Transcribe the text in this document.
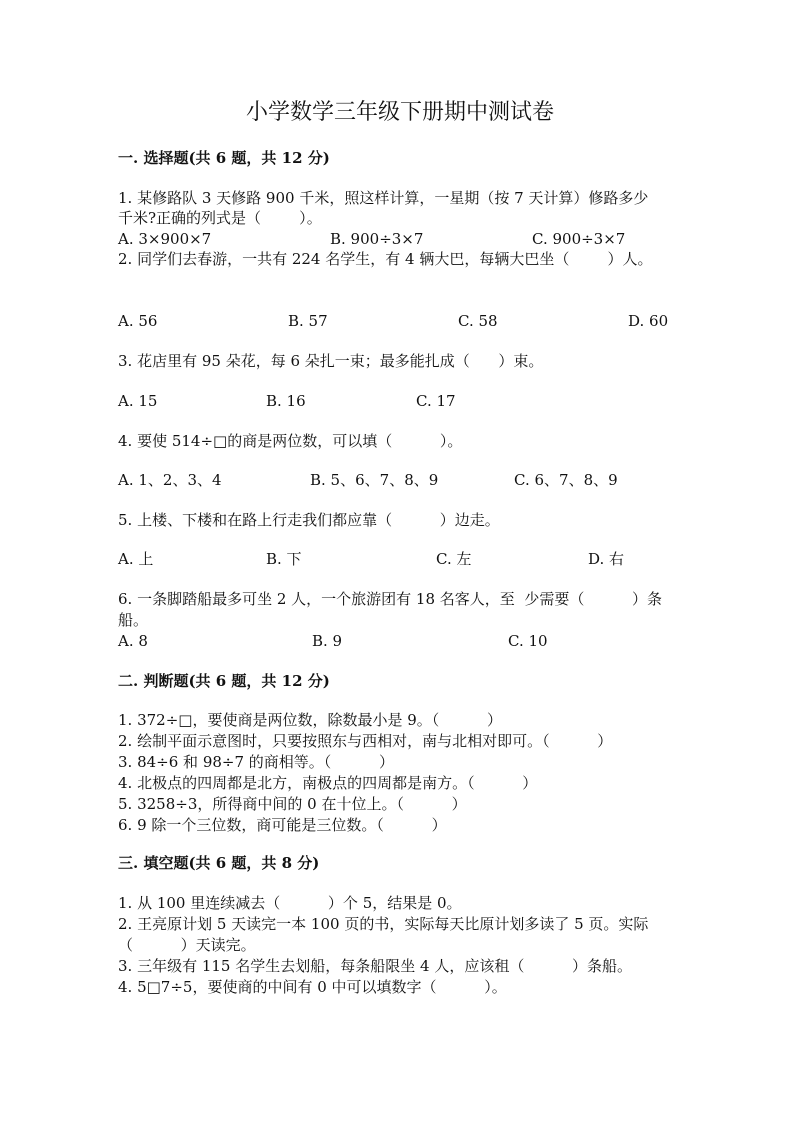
小学数学三年级下册期中测试卷
一. 选择题(共 6 题，共 12 分)
1. 某修路队 3 天修路 900 千米，照这样计算，一星期（按 7 天计算）修路多少
千米?正确的列式是（        ）。
A. 3×900×7	B. 900÷3×7	C. 900÷3×7
2. 同学们去春游，一共有 224 名学生，有 4 辆大巴，每辆大巴坐（        ）人。
A. 56	B. 57	C. 58	D. 60
3. 花店里有 95 朵花，每 6 朵扎一束；最多能扎成（      ）束。
A. 15	B. 16	C. 17
4. 要使 514÷□的商是两位数，可以填（          ）。
A. 1、2、3、4	B. 5、6、7、8、9	C. 6、7、8、9
5. 上楼、下楼和在路上行走我们都应靠（          ）边走。
A. 上	B. 下	C. 左	D. 右
6. 一条脚踏船最多可坐 2 人，一个旅游团有 18 名客人，至  少需要（          ）条
船。
A. 8	B. 9	C. 10
二. 判断题(共 6 题，共 12 分)
1. 372÷□，要使商是两位数，除数最小是 9。（          ）
2. 绘制平面示意图时，只要按照东与西相对，南与北相对即可。（          ）
3. 84÷6 和 98÷7 的商相等。（          ）
4. 北极点的四周都是北方，南极点的四周都是南方。（          ）
5. 3258÷3，所得商中间的 0 在十位上。（          ）
6. 9 除一个三位数，商可能是三位数。（          ）
三. 填空题(共 6 题，共 8 分)
1. 从 100 里连续减去（          ）个 5，结果是 0。
2. 王亮原计划 5 天读完一本 100 页的书，实际每天比原计划多读了 5 页。实际
（          ）天读完。
3. 三年级有 115 名学生去划船，每条船限坐 4 人，应该租（          ）条船。
4. 5□7÷5，要使商的中间有 0 中可以填数字（          ）。
